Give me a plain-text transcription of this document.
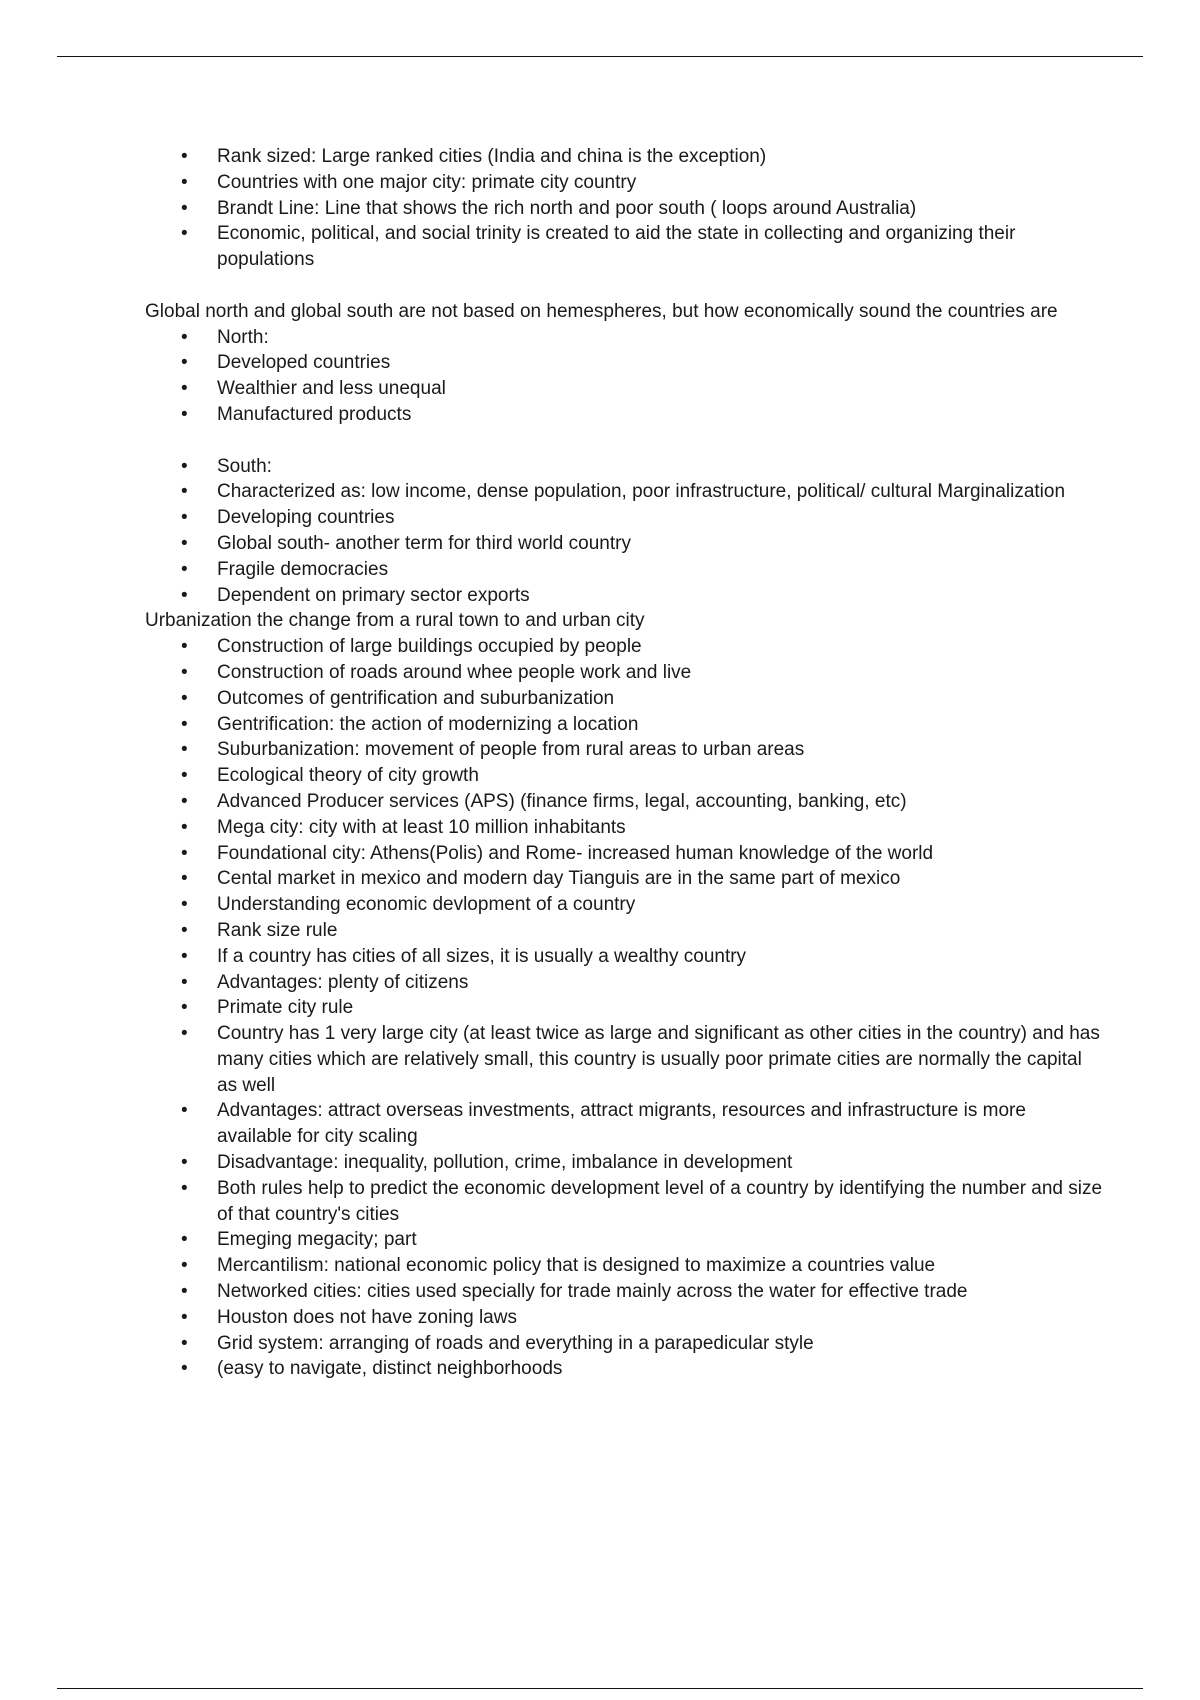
• Rank sized: Large ranked cities (India and china is the exception)
• Countries with one major city: primate city country
• Brandt Line: Line that shows the rich north and poor south ( loops around Australia)
• Economic, political, and social trinity is created to aid the state in collecting and organizing their populations

Global north and global south are not based on hemespheres, but how economically sound the countries are

• North:
• Developed countries
• Wealthier and less unequal
• Manufactured products
• South:
• Characterized as: low income, dense population, poor infrastructure, political/ cultural Marginalization
• Developing countries
• Global south- another term for third world country
• Fragile democracies
• Dependent on primary sector exports

Urbanization the change from a rural town to and urban city

• Construction of large buildings occupied by people
• Construction of roads around whee people work and live
• Outcomes of gentrification and suburbanization
• Gentrification: the action of modernizing a location
• Suburbanization: movement of people from rural areas to urban areas
• Ecological theory of city growth
• Advanced Producer services (APS) (finance firms, legal, accounting, banking, etc)
• Mega city: city with at least 10 million inhabitants
• Foundational city: Athens(Polis) and Rome- increased human knowledge of the world
• Cental market in mexico and modern day Tianguis are in the same part of mexico
• Understanding economic devlopment of a country
• Rank size rule
• If a country has cities of all sizes, it is usually a wealthy country
• Advantages: plenty of citizens
• Primate city rule
• Country has 1 very large city (at least twice as large and significant as other cities in the country) and has many cities which are relatively small, this country is usually poor primate cities are normally the capital as well
• Advantages: attract overseas investments, attract migrants, resources and infrastructure is more available for city scaling
• Disadvantage: inequality, pollution, crime, imbalance in development
• Both rules help to predict the economic development level of a country by identifying the number and size of that country's cities
• Emeging megacity; part
• Mercantilism: national economic policy that is designed to maximize a countries value
• Networked cities: cities used specially for trade mainly across the water for effective trade
• Houston does not have zoning laws
• Grid system: arranging of roads and everything in a parapedicular style
• (easy to navigate, distinct neighborhoods
